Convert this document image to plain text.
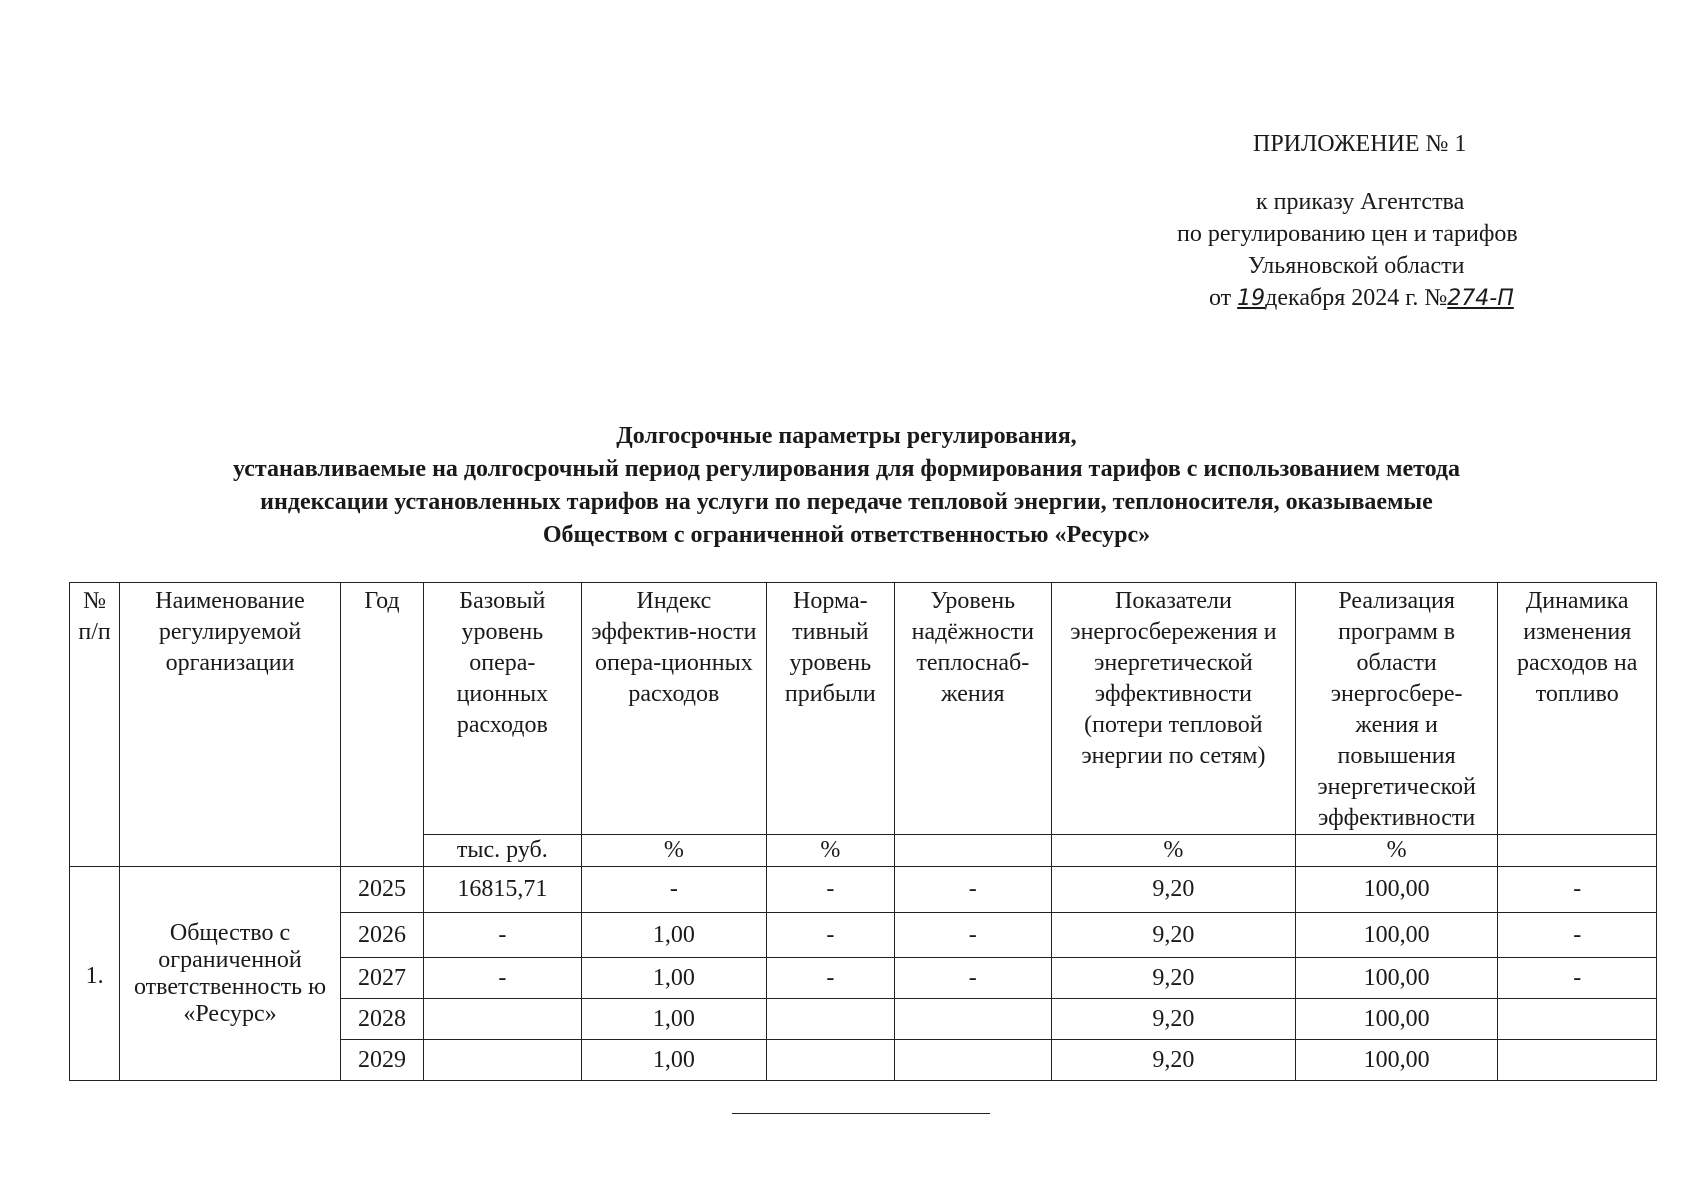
ПРИЛОЖЕНИЕ № 1
к приказу Агентства
по регулированию цен и тарифов
Ульяновской области
от 19декабря 2024 г. №274-П
Долгосрочные параметры регулирования,
устанавливаемые на долгосрочный период регулирования для формирования тарифов с использованием метода
индексации установленных тарифов на услуги по передаче тепловой энергии, теплоносителя, оказываемые
Обществом с ограниченной ответственностью «Ресурс»
№ п/п	Наименование регулируемой организации	Год	Базовый уровень опера-ционных расходов	Индекс эффектив-ности опера-ционных расходов	Норма-тивный уровень прибыли	Уровень надёжности теплоснаб-жения	Показатели энергосбережения и энергетической эффективности (потери тепловой энергии по сетям)	Реализация программ в области энергосбере-жения и повышения энергетической эффективности	Динамика изменения расходов на топливо
			тыс. руб.	%	%		%	%	
1.	Общество с ограниченной ответственность ю «Ресурс»	2025	16815,71	-	-	-	9,20	100,00	-
		2026	-	1,00	-	-	9,20	100,00	-
		2027	-	1,00	-	-	9,20	100,00	-
		2028		1,00			9,20	100,00	
		2029		1,00			9,20	100,00	
